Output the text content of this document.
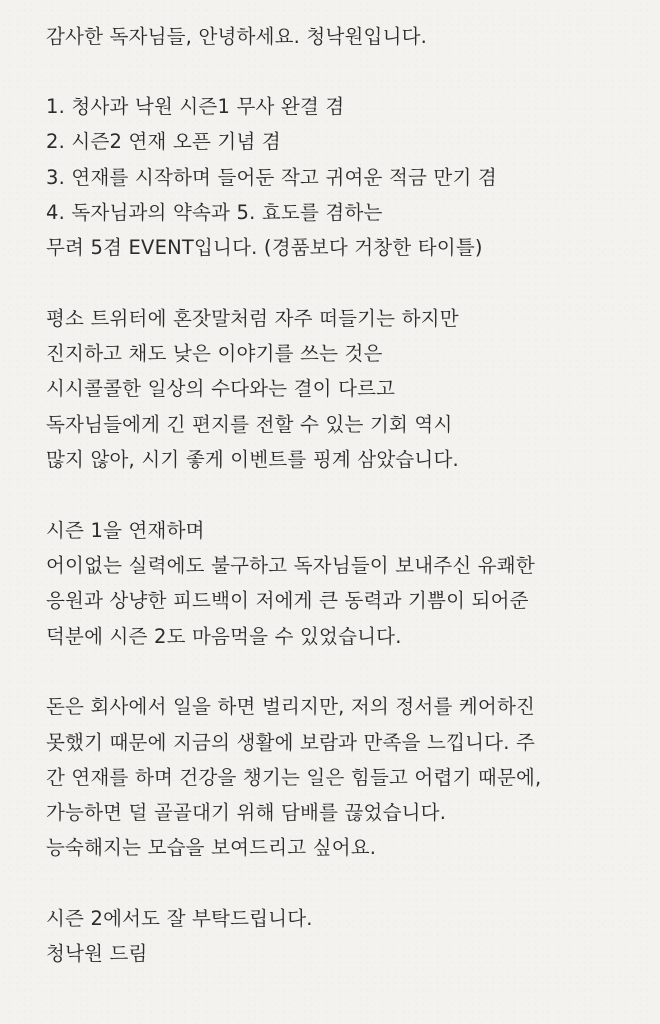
감사한 독자님들, 안녕하세요. 청낙원입니다.

1. 청사과 낙원 시즌1 무사 완결 겸

2. 시즌2 연재 오픈 기념 겸

3. 연재를 시작하며 들어둔 작고 귀여운 적금 만기 겸

4. 독자님과의 약속과 5. 효도를 겸하는

무려 5겸 EVENT입니다. (경품보다 거창한 타이틀)

평소 트위터에 혼잣말처럼 자주 떠들기는 하지만

진지하고 채도 낮은 이야기를 쓰는 것은

시시콜콜한 일상의 수다와는 결이 다르고

독자님들에게 긴 편지를 전할 수 있는 기회 역시

많지 않아, 시기 좋게 이벤트를 핑계 삼았습니다.

시즌 1을 연재하며

어이없는 실력에도 불구하고 독자님들이 보내주신 유쾌한

응원과 상냥한 피드백이 저에게 큰 동력과 기쁨이 되어준

덕분에 시즌 2도 마음먹을 수 있었습니다.

돈은 회사에서 일을 하면 벌리지만, 저의 정서를 케어하진

못했기 때문에 지금의 생활에 보람과 만족을 느낍니다. 주

간 연재를 하며 건강을 챙기는 일은 힘들고 어렵기 때문에,

가능하면 덜 골골대기 위해 담배를 끊었습니다.

능숙해지는 모습을 보여드리고 싶어요.

시즌 2에서도 잘 부탁드립니다.

청낙원 드림
